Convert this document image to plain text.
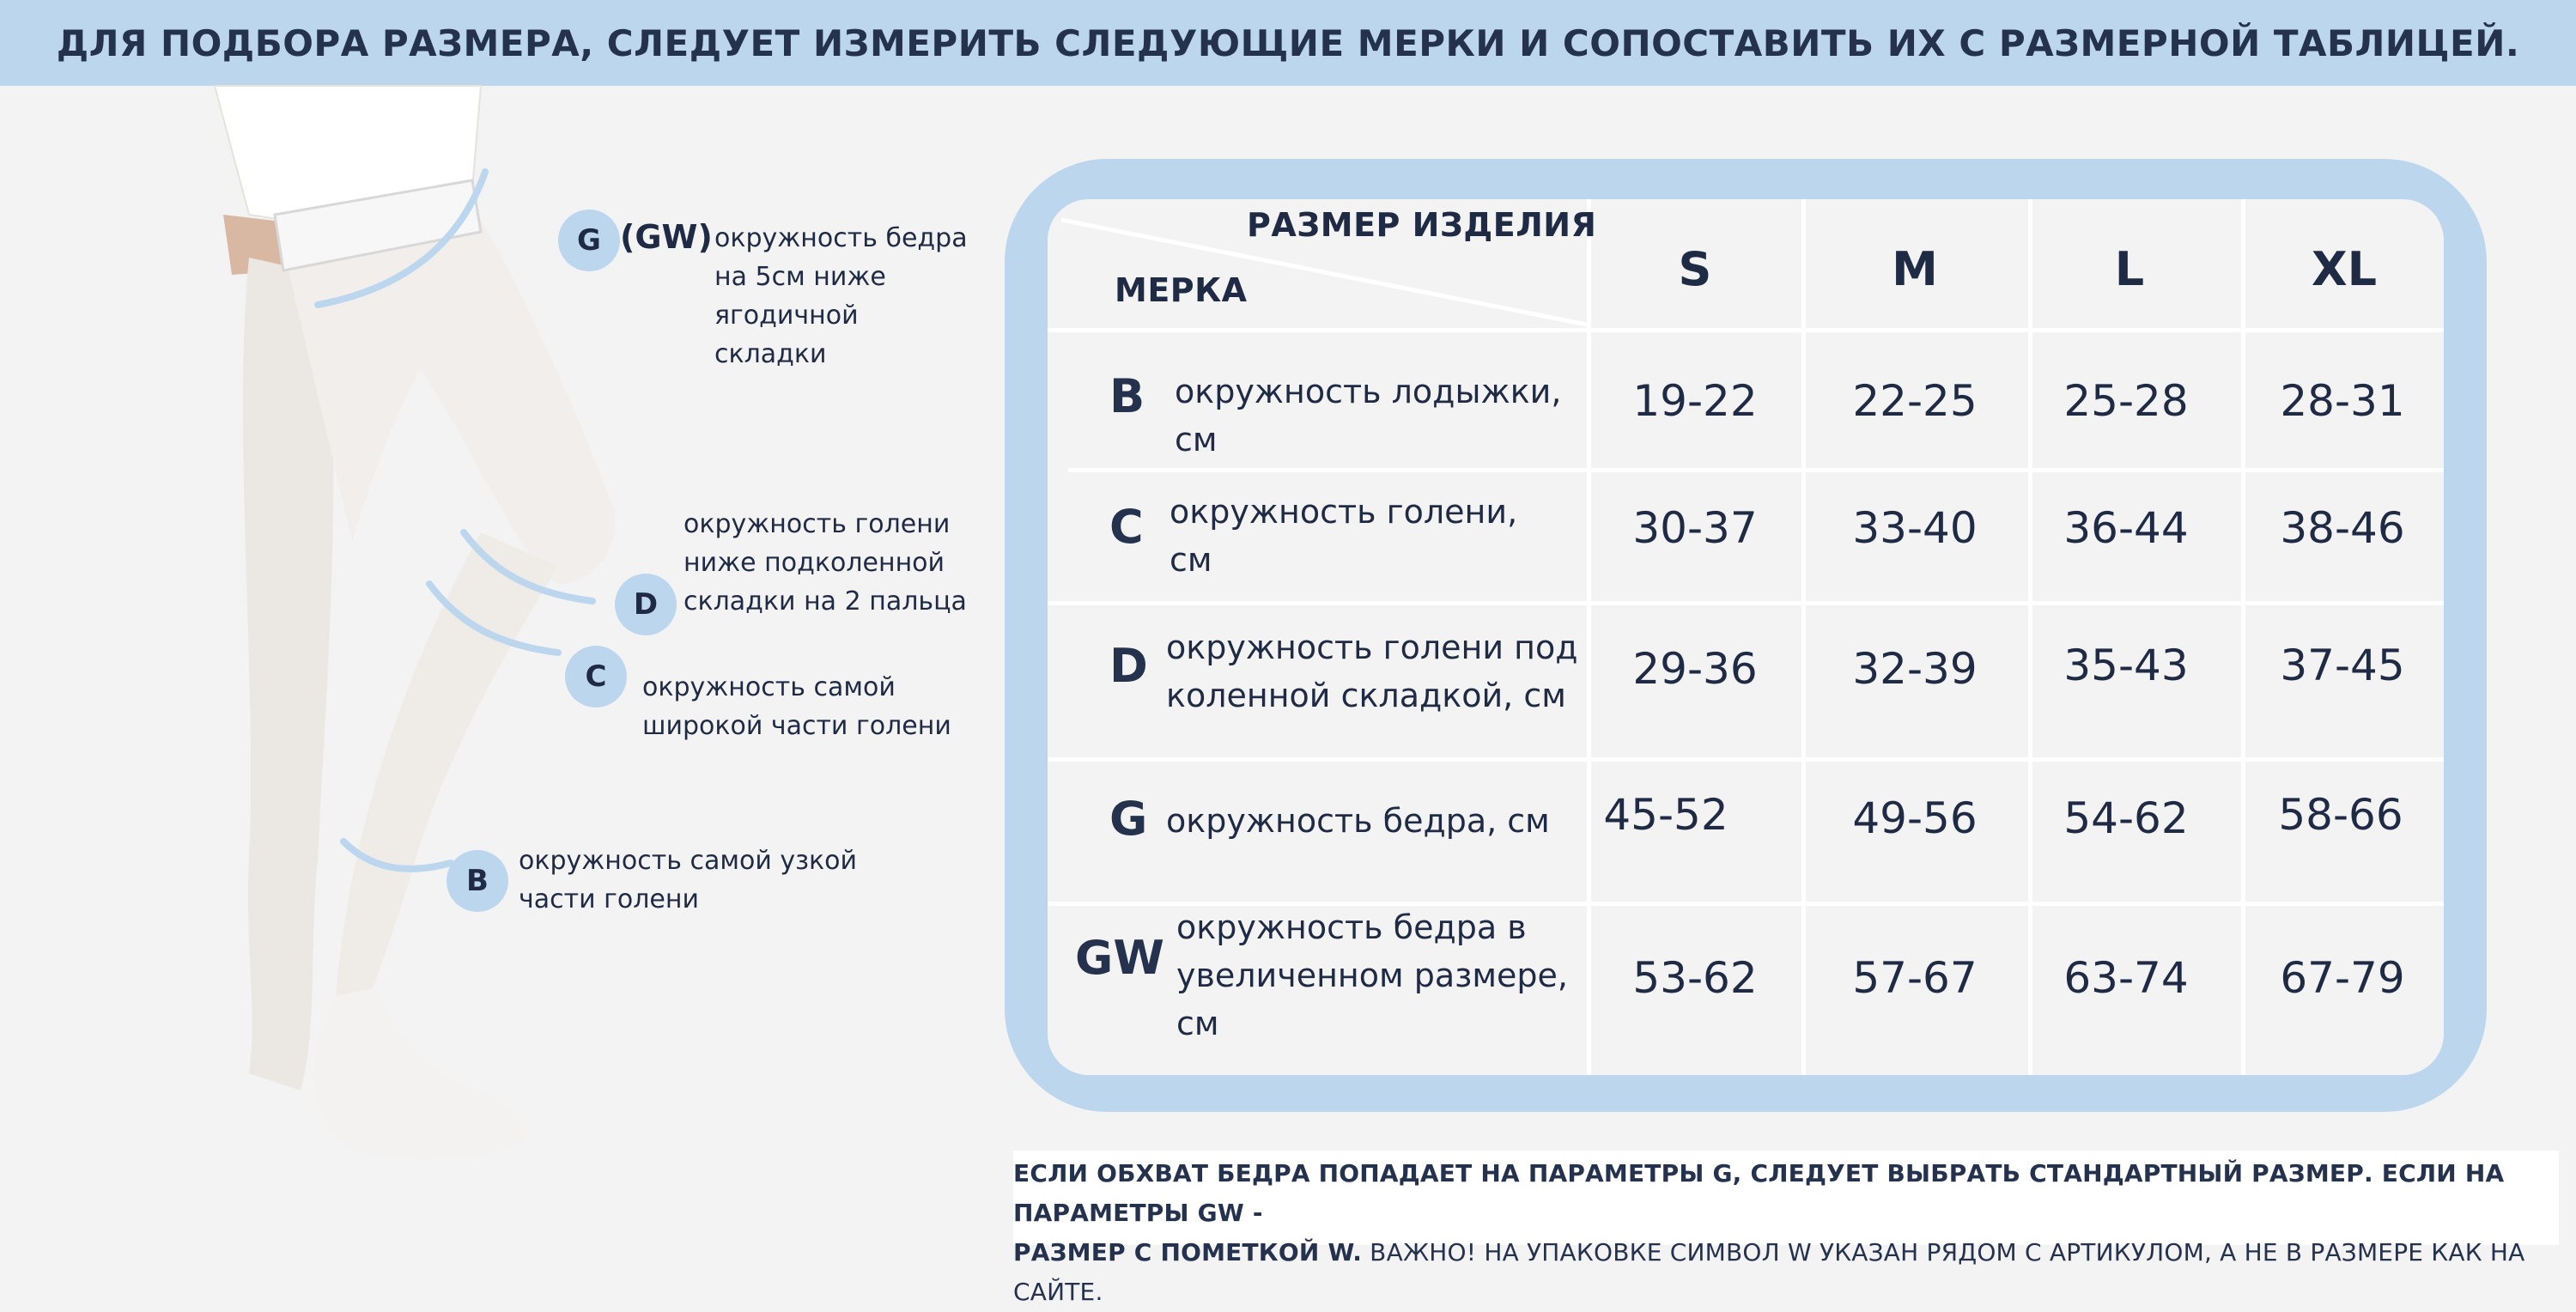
ДЛЯ ПОДБОРА РАЗМЕРА, СЛЕДУЕТ ИЗМЕРИТЬ СЛЕДУЮЩИЕ МЕРКИ И СОПОСТАВИТЬ ИХ С РАЗМЕРНОЙ ТАБЛИЦЕЙ.
G (GW) окружность бедра
на 5см ниже
ягодичной
складки
окружность голени
ниже подколенной
складки на 2 пальца
D
C	окружность самой
широкой части голени
B
окружность самой узкой
части голени
РАЗМЕР ИЗДЕЛИЯ
МЕРКА	S	M	L	XL
B окружность лодыжки,
см
19-22	22-25	25-28	28-31
C окружность голени,
см
30-37	33-40	36-44	38-46
D окружность голени под
коленной складкой, см
29-36	32-39	35-43	37-45
G окружность бедра, см	45-52	49-56	54-62	58-66
GW
окружность бедра в
увеличенном размере,
см
53-62	57-67	63-74	67-79
ЕСЛИ ОБХВАТ БЕДРА ПОПАДАЕТ НА ПАРАМЕТРЫ G, СЛЕДУЕТ ВЫБРАТЬ СТАНДАРТНЫЙ РАЗМЕР. ЕСЛИ НА ПАРАМЕТРЫ GW -
РАЗМЕР С ПОМЕТКОЙ W. ВАЖНО! НА УПАКОВКЕ СИМВОЛ W УКАЗАН РЯДОМ С АРТИКУЛОМ, А НЕ В РАЗМЕРЕ КАК НА САЙТЕ.
